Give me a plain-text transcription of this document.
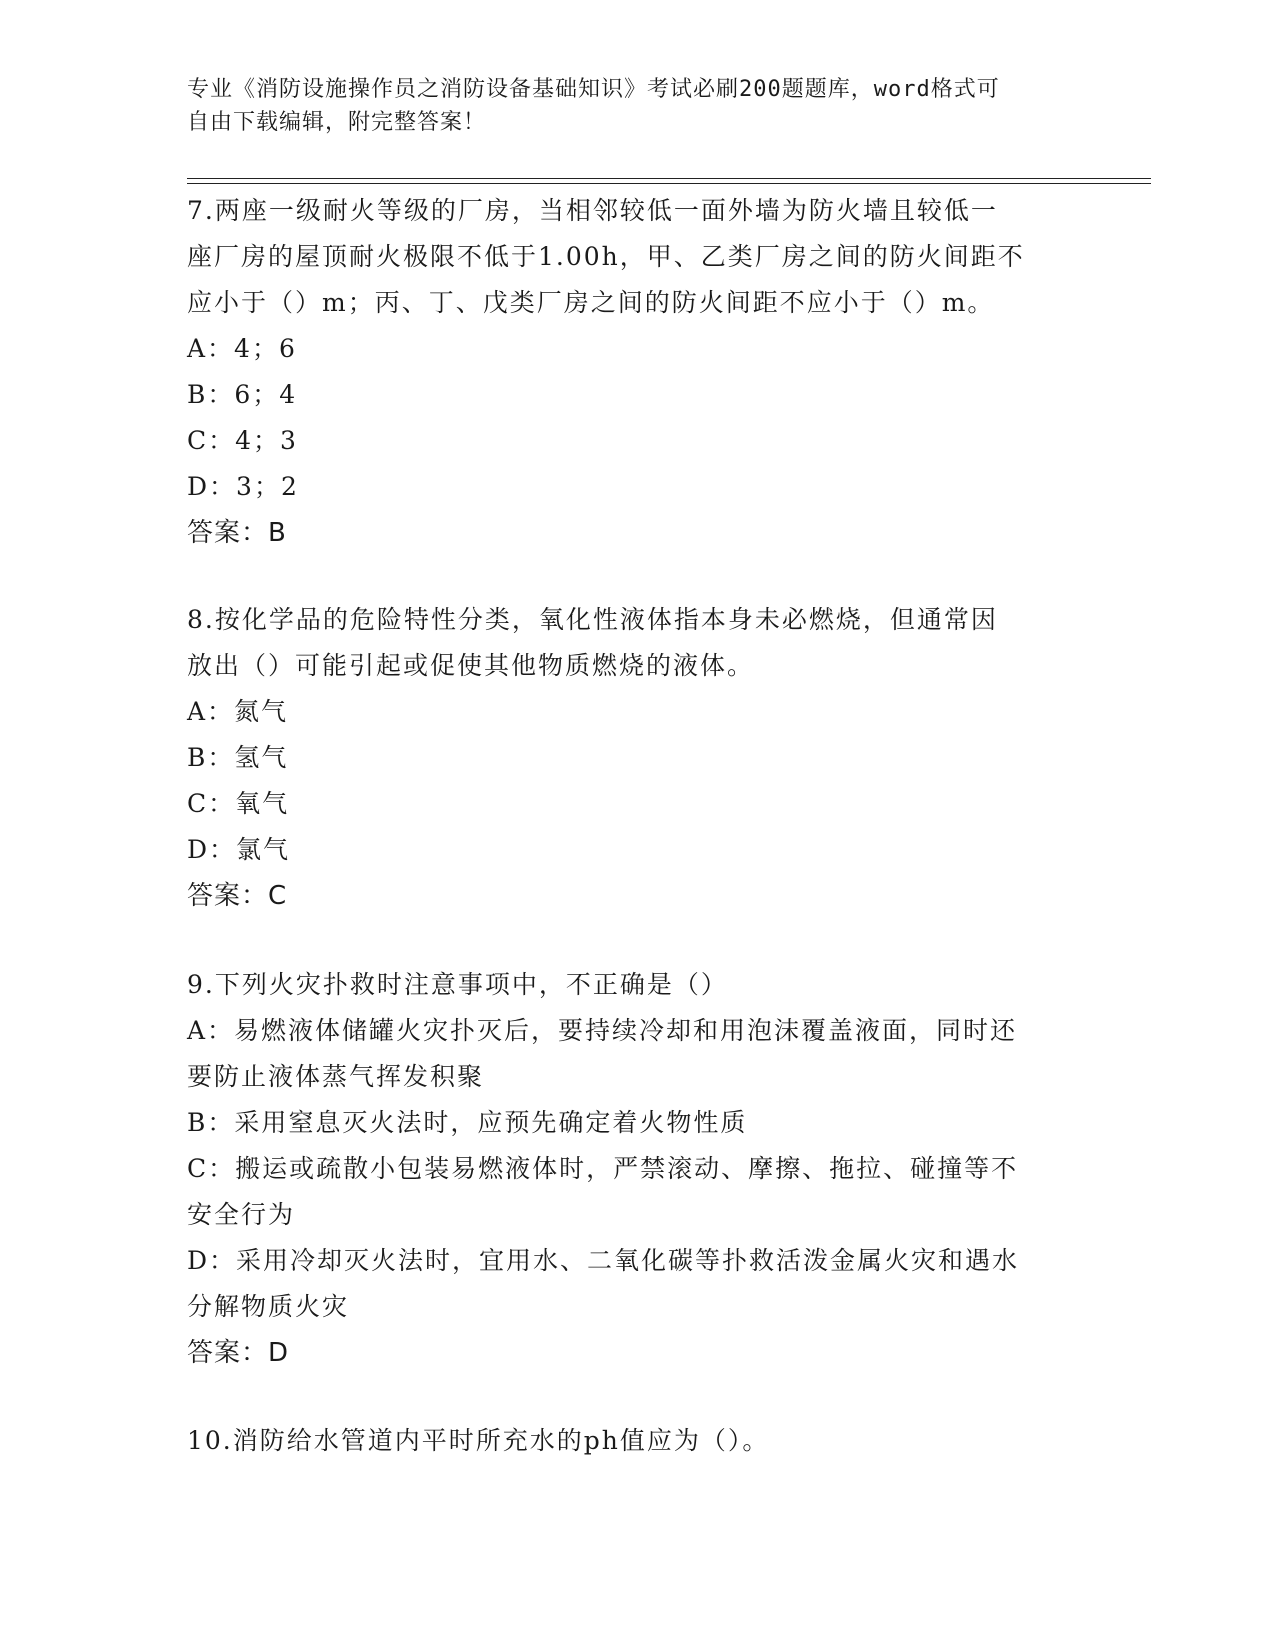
专业《消防设施操作员之消防设备基础知识》考试必刷200题题库，word格式可
自由下载编辑，附完整答案！

7.两座一级耐火等级的厂房，当相邻较低一面外墙为防火墙且较低一

座厂房的屋顶耐火极限不低于1.00h，甲、乙类厂房之间的防火间距不

应小于（）m；丙、丁、戊类厂房之间的防火间距不应小于（）m。

A：4；6

B：6；4

C：4；3

D：3；2

答案：B

8.按化学品的危险特性分类，氧化性液体指本身未必燃烧，但通常因

放出（）可能引起或促使其他物质燃烧的液体。

A：氮气

B：氢气

C：氧气

D：氯气

答案：C

9.下列火灾扑救时注意事项中，不正确是（）

A：易燃液体储罐火灾扑灭后，要持续冷却和用泡沫覆盖液面，同时还

要防止液体蒸气挥发积聚

B：采用窒息灭火法时，应预先确定着火物性质

C：搬运或疏散小包装易燃液体时，严禁滚动、摩擦、拖拉、碰撞等不

安全行为

D：采用冷却灭火法时，宜用水、二氧化碳等扑救活泼金属火灾和遇水

分解物质火灾

答案：D

10.消防给水管道内平时所充水的ph值应为（）。
